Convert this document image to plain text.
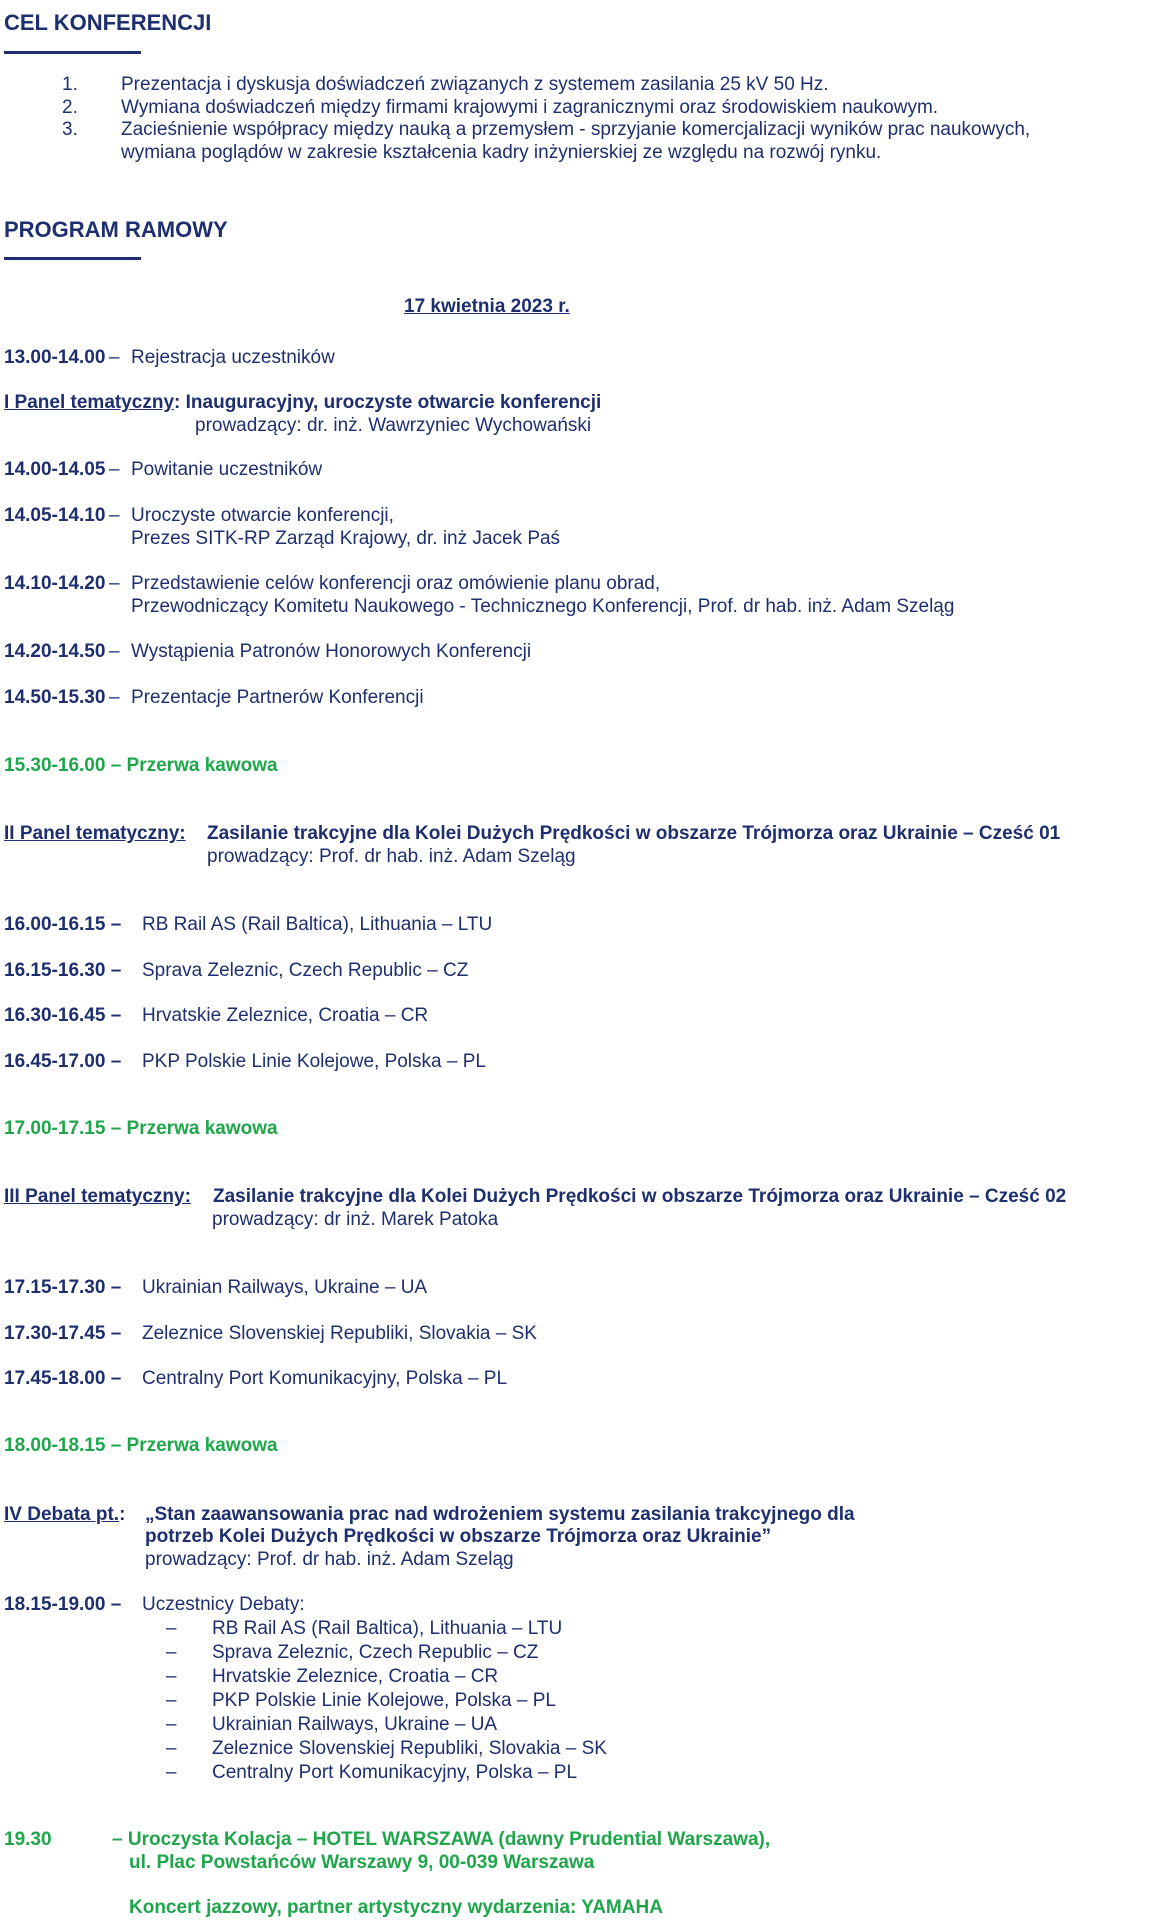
CEL KONFERENCJI
1. Prezentacja i dyskusja doświadczeń związanych z systemem zasilania 25 kV 50 Hz.
2. Wymiana doświadczeń między firmami krajowymi i zagranicznymi oraz środowiskiem naukowym.
3. Zacieśnienie współpracy między nauką a przemysłem - sprzyjanie komercjalizacji wyników prac naukowych,
wymiana poglądów w zakresie kształcenia kadry inżynierskiej ze względu na rozwój rynku.
PROGRAM RAMOWY
17 kwietnia 2023 r.
13.00-14.00 – Rejestracja uczestników
I Panel tematyczny: Inauguracyjny, uroczyste otwarcie konferencji
prowadzący: dr. inż. Wawrzyniec Wychowański
14.00-14.05 – Powitanie uczestników
14.05-14.10 – Uroczyste otwarcie konferencji,
Prezes SITK-RP Zarząd Krajowy, dr. inż Jacek Paś
14.10-14.20 – Przedstawienie celów konferencji oraz omówienie planu obrad,
Przewodniczący Komitetu Naukowego - Technicznego Konferencji, Prof. dr hab. inż. Adam Szeląg
14.20-14.50 – Wystąpienia Patronów Honorowych Konferencji
14.50-15.30 – Prezentacje Partnerów Konferencji
15.30-16.00 – Przerwa kawowa
II Panel tematyczny: Zasilanie trakcyjne dla Kolei Dużych Prędkości w obszarze Trójmorza oraz Ukrainie – Cześć 01
prowadzący: Prof. dr hab. inż. Adam Szeląg
16.00-16.15 – RB Rail AS (Rail Baltica), Lithuania – LTU
16.15-16.30 – Sprava Zeleznic, Czech Republic – CZ
16.30-16.45 – Hrvatskie Zeleznice, Croatia – CR
16.45-17.00 – PKP Polskie Linie Kolejowe, Polska – PL
17.00-17.15 – Przerwa kawowa
III Panel tematyczny: Zasilanie trakcyjne dla Kolei Dużych Prędkości w obszarze Trójmorza oraz Ukrainie – Cześć 02
prowadzący: dr inż. Marek Patoka
17.15-17.30 – Ukrainian Railways, Ukraine – UA
17.30-17.45 – Zeleznice Slovenskiej Republiki, Slovakia – SK
17.45-18.00 – Centralny Port Komunikacyjny, Polska – PL
18.00-18.15 – Przerwa kawowa
IV Debata pt.: „Stan zaawansowania prac nad wdrożeniem systemu zasilania trakcyjnego dla
potrzeb Kolei Dużych Prędkości w obszarze Trójmorza oraz Ukrainie”
prowadzący: Prof. dr hab. inż. Adam Szeląg
18.15-19.00 – Uczestnicy Debaty:
– RB Rail AS (Rail Baltica), Lithuania – LTU
– Sprava Zeleznic, Czech Republic – CZ
– Hrvatskie Zeleznice, Croatia – CR
– PKP Polskie Linie Kolejowe, Polska – PL
– Ukrainian Railways, Ukraine – UA
– Zeleznice Slovenskiej Republiki, Slovakia – SK
– Centralny Port Komunikacyjny, Polska – PL
19.30	– Uroczysta Kolacja – HOTEL WARSZAWA (dawny Prudential Warszawa),
ul. Plac Powstańców Warszawy 9, 00-039 Warszawa
Koncert jazzowy, partner artystyczny wydarzenia: YAMAHA
